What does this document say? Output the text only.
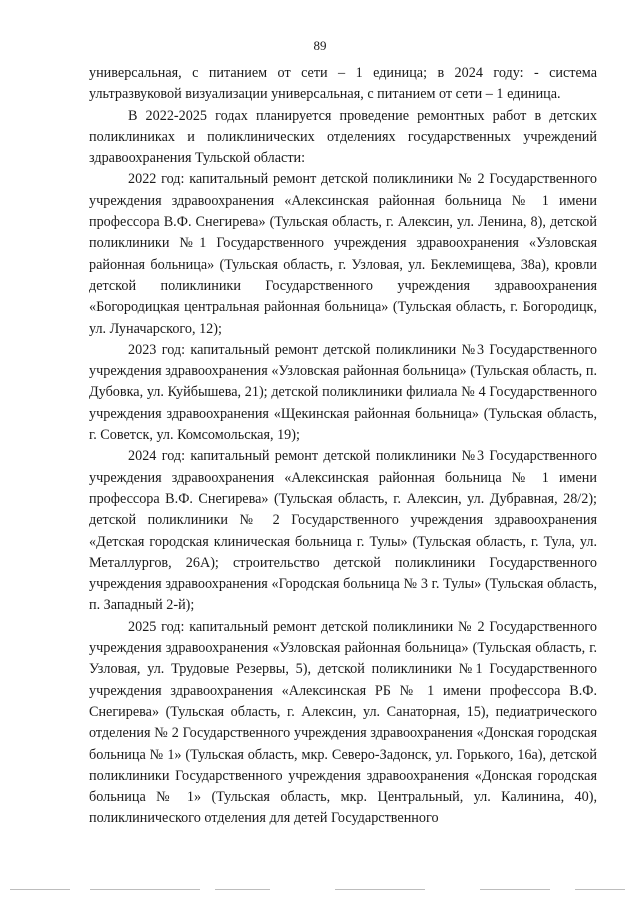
89

универсальная, с питанием от сети – 1 единица; в 2024 году: - система ультразвуковой визуализации универсальная, с питанием от сети – 1 единица.

В 2022-2025 годах планируется проведение ремонтных работ в детских поликлиниках и поликлинических отделениях государственных учреждений здравоохранения Тульской области:

2022 год: капитальный ремонт детской поликлиники № 2 Государственного учреждения здравоохранения «Алексинская районная больница № 1 имени профессора В.Ф. Снегирева» (Тульская область, г. Алексин, ул. Ленина, 8), детской поликлиники №1 Государственного учреждения здравоохранения «Узловская районная больница» (Тульская область, г. Узловая, ул. Беклемищева, 38а), кровли детской поликлиники Государственного учреждения здравоохранения «Богородицкая центральная районная больница» (Тульская область, г. Богородицк, ул. Луначарского, 12);

2023 год: капитальный ремонт детской поликлиники №3 Государственного учреждения здравоохранения «Узловская районная больница» (Тульская область, п. Дубовка, ул. Куйбышева, 21); детской поликлиники филиала № 4 Государственного учреждения здравоохранения «Щекинская районная больница» (Тульская область, г. Советск, ул. Комсомольская, 19);

2024 год: капитальный ремонт детской поликлиники №3 Государственного учреждения здравоохранения «Алексинская районная больница № 1 имени профессора В.Ф. Снегирева» (Тульская область, г. Алексин, ул. Дубравная, 28/2); детской поликлиники № 2 Государственного учреждения здравоохранения «Детская городская клиническая больница г. Тулы» (Тульская область, г. Тула, ул. Металлургов, 26А); строительство детской поликлиники Государственного учреждения здравоохранения «Городская больница № 3 г. Тулы» (Тульская область, п. Западный 2-й);

2025 год: капитальный ремонт детской поликлиники № 2 Государственного учреждения здравоохранения «Узловская районная больница» (Тульская область, г. Узловая, ул. Трудовые Резервы, 5), детской поликлиники №1 Государственного учреждения здравоохранения «Алексинская РБ № 1 имени профессора В.Ф. Снегирева» (Тульская область, г. Алексин, ул. Санаторная, 15), педиатрического отделения № 2 Государственного учреждения здравоохранения «Донская городская больница № 1» (Тульская область, мкр. Северо-Задонск, ул. Горького, 16а), детской поликлиники Государственного учреждения здравоохранения «Донская городская больница № 1» (Тульская область, мкр. Центральный, ул. Калинина, 40), поликлинического отделения для детей Государственного
